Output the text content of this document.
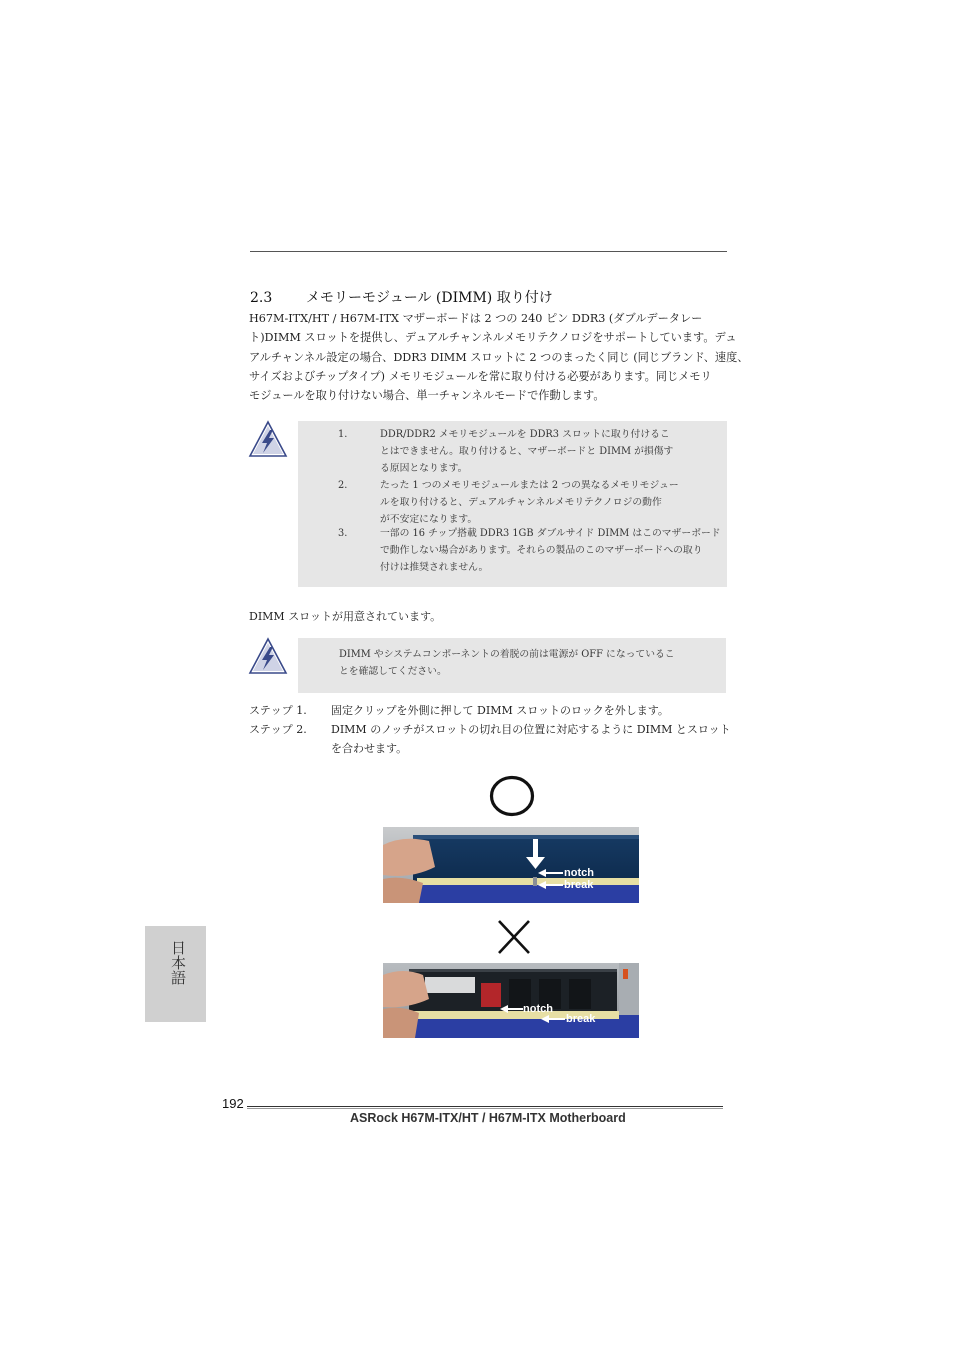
2.3 メモリーモジュール (DIMM) 取り付け
H67M-ITX/HT / H67M-ITX マザーボードは 2 つの 240 ピン DDR3 (ダブルデータレー
ト)DIMM スロットを提供し、デュアルチャンネルメモリテクノロジをサポートしています。デュ
アルチャンネル設定の場合、DDR3 DIMM スロットに 2 つのまったく同じ (同じブランド、速度、
サイズおよびチップタイプ) メモリモジュールを常に取り付ける必要があります。同じメモリ
モジュールを取り付けない場合、単一チャンネルモードで作動します。
1.	DDR/DDR2 メモリモジュールを DDR3 スロットに取り付けるこ
とはできません。取り付けると、マザーボードと DIMM が損傷す
る原因となります。
2.	たった 1 つのメモリモジュールまたは 2 つの異なるメモリモジュー
ルを取り付けると、デュアルチャンネルメモリテクノロジの動作
が不安定になります。
3.	一部の 16 チップ搭載 DDR3 1GB ダブルサイド DIMM はこのマザーボード
で動作しない場合があります。それらの製品のこのマザーボードへの取り
付けは推奨されません。
DIMM スロットが用意されています。
DIMM やシステムコンポーネントの着脱の前は電源が OFF になっているこ
とを確認してください。
ステップ 1. 固定クリップを外側に押して DIMM スロットのロックを外します。
ステップ 2. DIMM のノッチがスロットの切れ目の位置に対応するように DIMM とスロット
を合わせます。
notch
break
notch
break
日本語
192
ASRock H67M-ITX/HT / H67M-ITX Motherboard
